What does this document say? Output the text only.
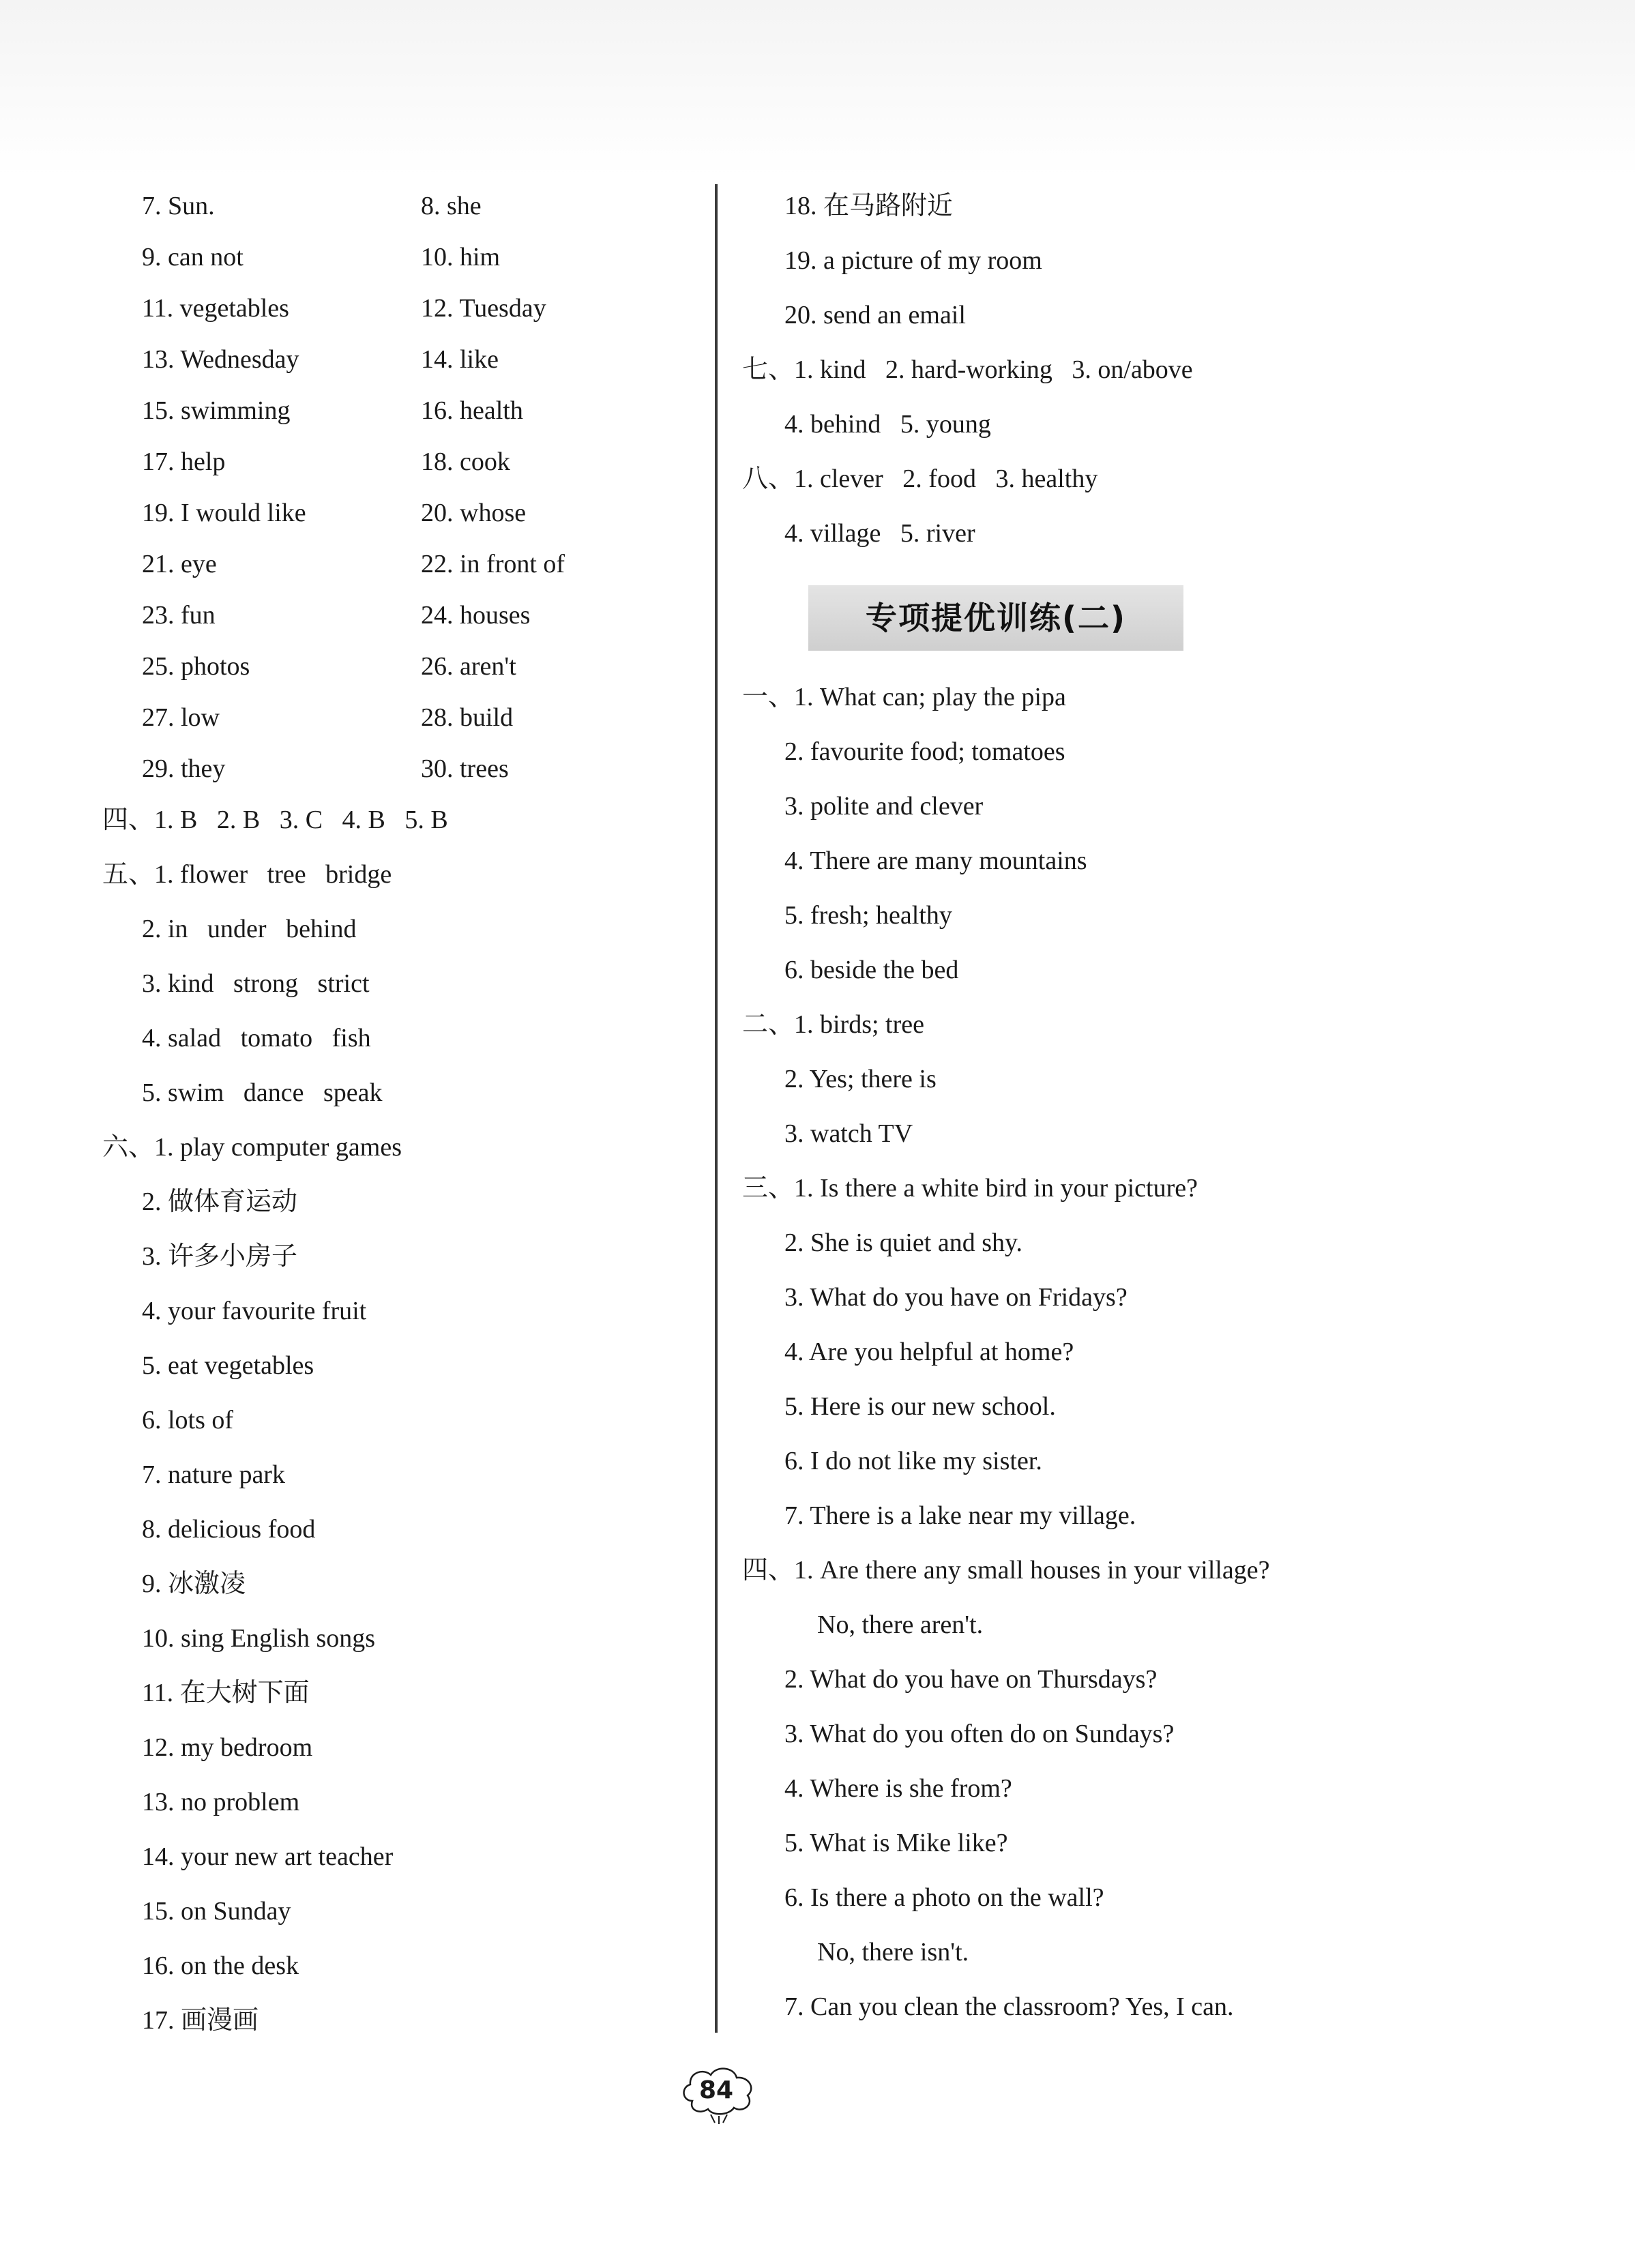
7. Sun.	8. she
9. can not	10. him
11. vegetables	12. Tuesday
13. Wednesday	14. like
15. swimming	16. health
17. help	18. cook
19. I would like	20. whose
21. eye	22. in front of
23. fun	24. houses
25. photos	26. aren't
27. low	28. build
29. they	30. trees
四、1. B   2. B   3. C   4. B   5. B
五、1. flower   tree   bridge
2. in   under   behind
3. kind   strong   strict
4. salad   tomato   fish
5. swim   dance   speak
六、1. play computer games
2. 做体育运动
3. 许多小房子
4. your favourite fruit
5. eat vegetables
6. lots of
7. nature park
8. delicious food
9. 冰激凌
10. sing English songs
11. 在大树下面
12. my bedroom
13. no problem
14. your new art teacher
15. on Sunday
16. on the desk
17. 画漫画
18. 在马路附近
19. a picture of my room
20. send an email
七、1. kind   2. hard-working   3. on/above
4. behind   5. young
八、1. clever   2. food   3. healthy
4. village   5. river
专项提优训练(二)
一、1. What can; play the pipa
2. favourite food; tomatoes
3. polite and clever
4. There are many mountains
5. fresh; healthy
6. beside the bed
二、1. birds; tree
2. Yes; there is
3. watch TV
三、1. Is there a white bird in your picture?
2. She is quiet and shy.
3. What do you have on Fridays?
4. Are you helpful at home?
5. Here is our new school.
6. I do not like my sister.
7. There is a lake near my village.
四、1. Are there any small houses in your village?
No, there aren't.
2. What do you have on Thursdays?
3. What do you often do on Sundays?
4. Where is she from?
5. What is Mike like?
6. Is there a photo on the wall?
No, there isn't.
7. Can you clean the classroom? Yes, I can.
84
